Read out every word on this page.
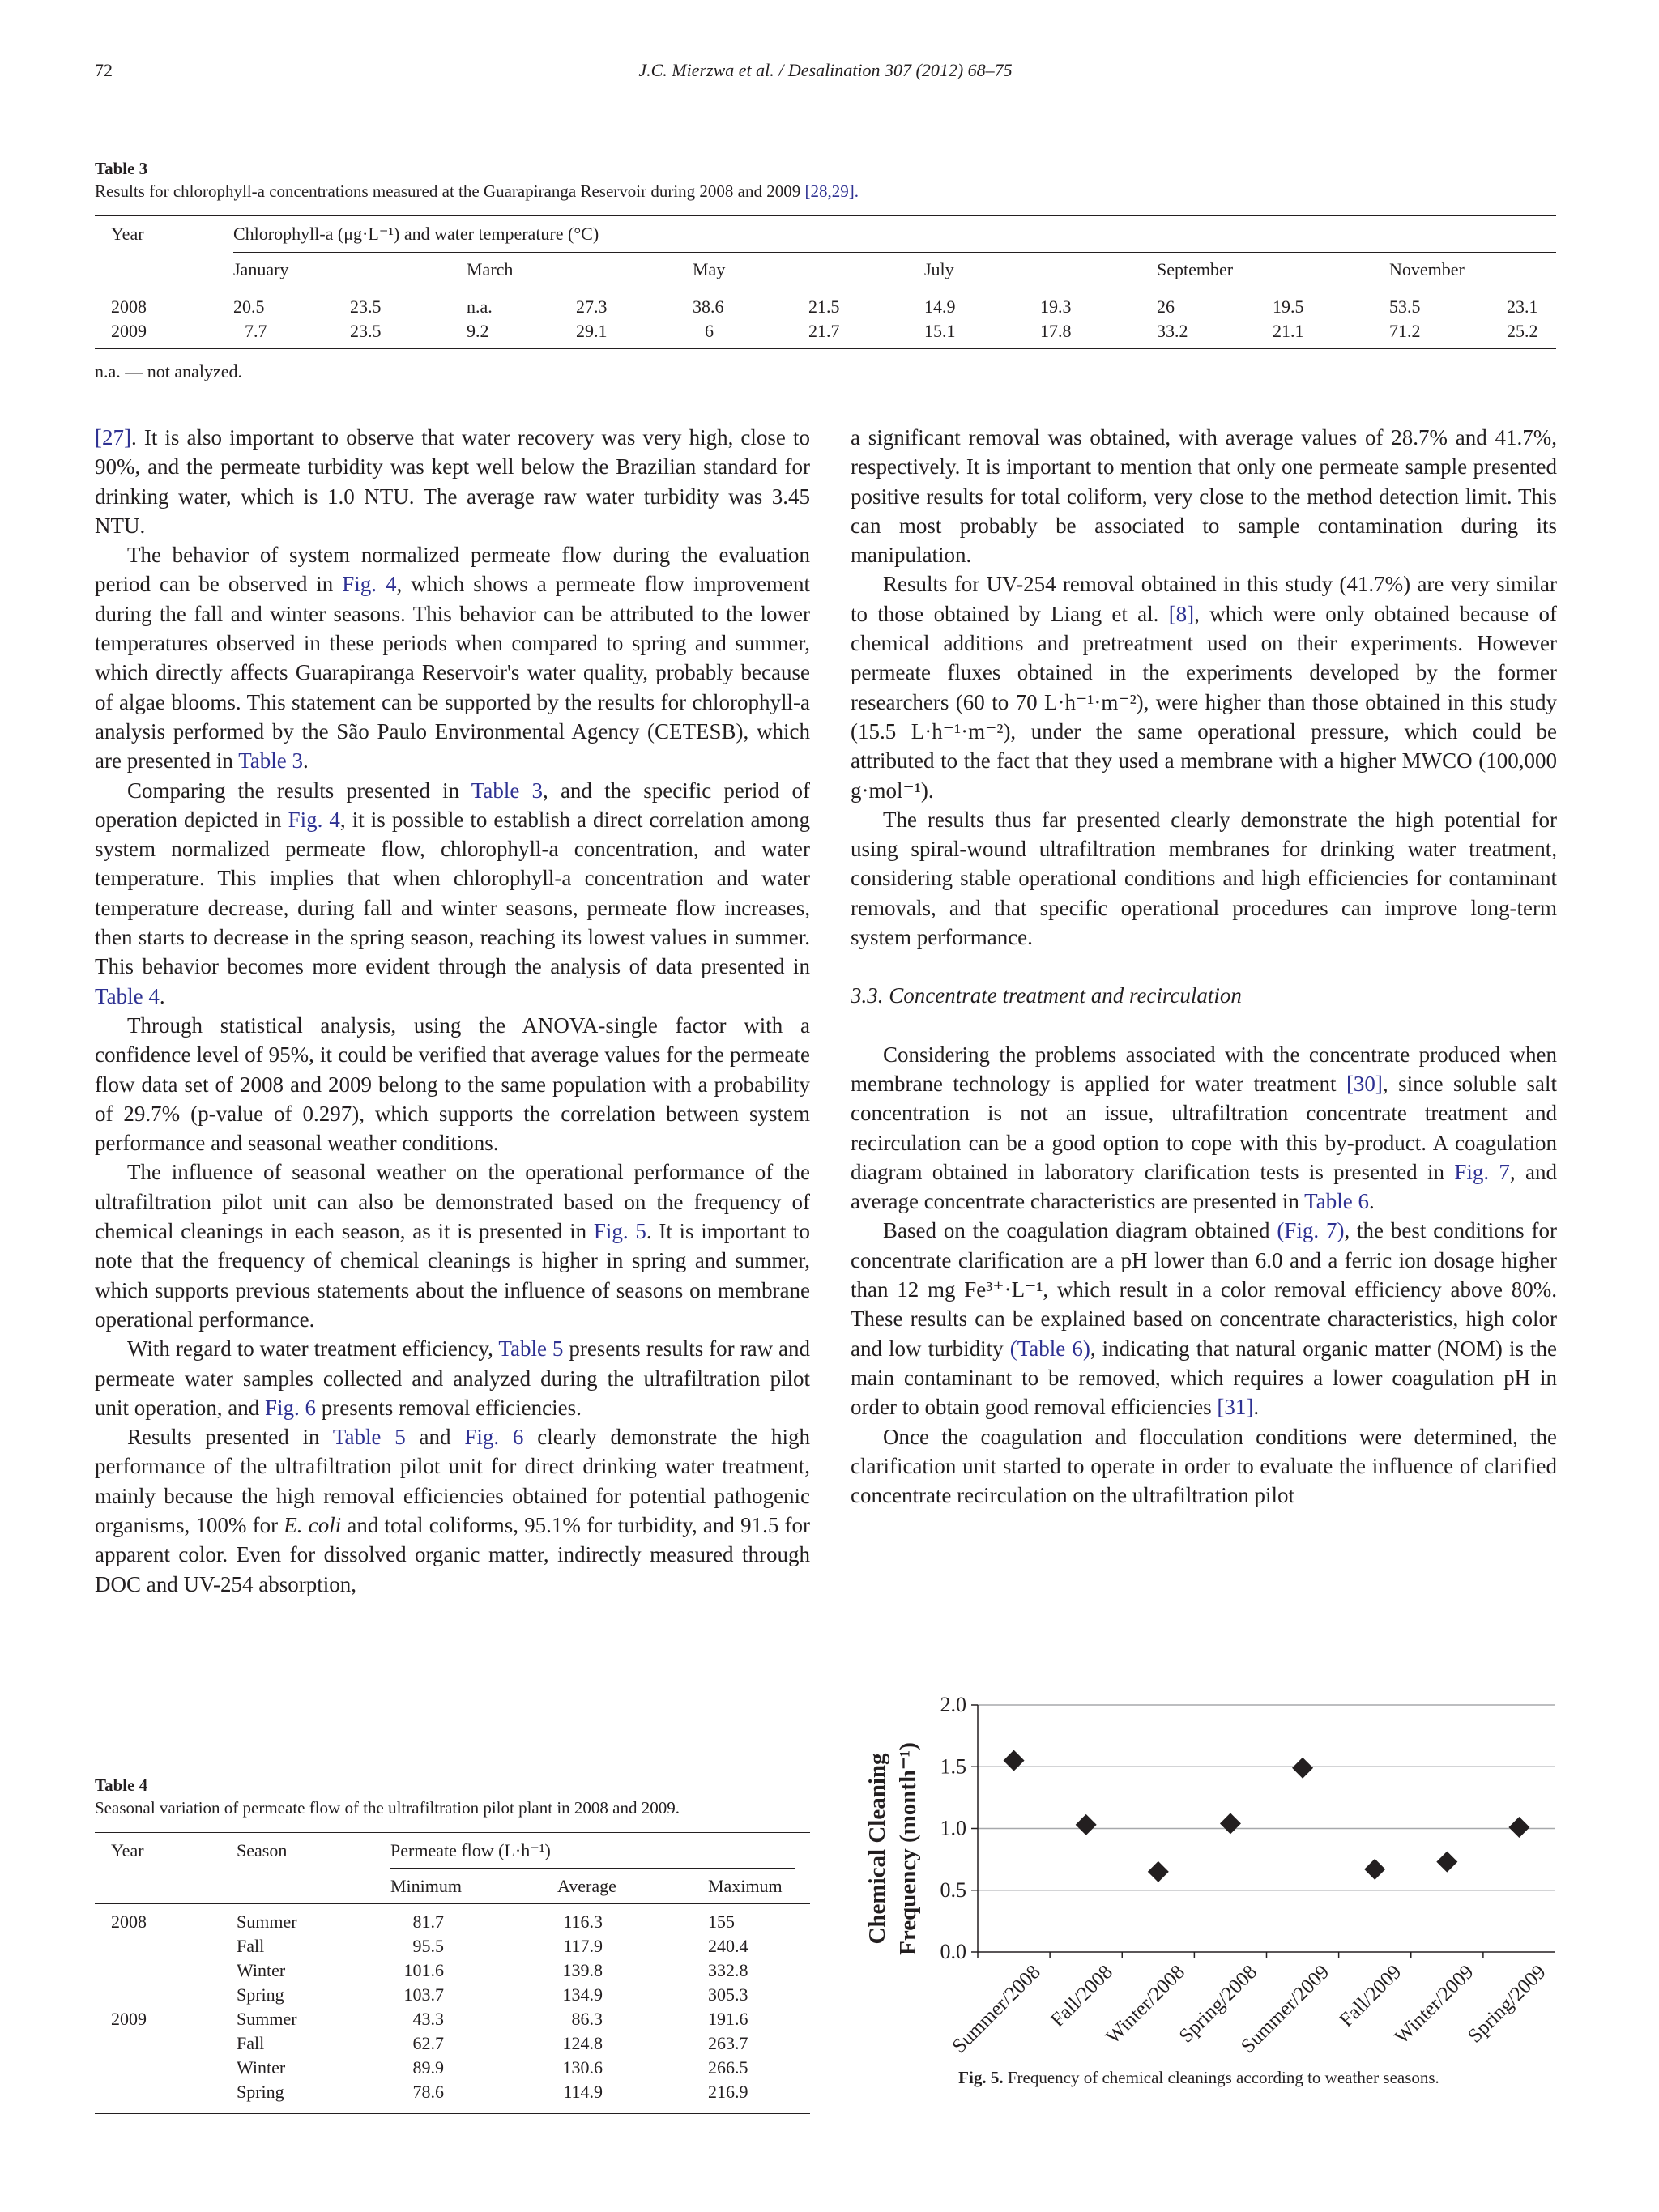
72	J.C. Mierzwa et al. / Desalination 307 (2012) 68–75
Table 3
Results for chlorophyll-a concentrations measured at the Guarapiranga Reservoir during 2008 and 2009 [28,29].
Year	Chlorophyll-a (μg·L⁻¹) and water temperature (°C)
January	March	May	July	September	November
2008	20.5	23.5	n.a.	27.3	38.6	21.5	14.9	19.3	26	19.5	53.5	23.1
2009	7.7	23.5	9.2	29.1	6	21.7	15.1	17.8	33.2	21.1	71.2	25.2
n.a. — not analyzed.

[27]. It is also important to observe that water recovery was very high, close to 90%, and the permeate turbidity was kept well below the Brazilian standard for drinking water, which is 1.0 NTU. The average raw water turbidity was 3.45 NTU.

The behavior of system normalized permeate flow during the evaluation period can be observed in Fig. 4, which shows a permeate flow improvement during the fall and winter seasons. This behavior can be attributed to the lower temperatures observed in these periods when compared to spring and summer, which directly affects Guarapiranga Reservoir's water quality, probably because of algae blooms. This statement can be supported by the results for chlorophyll-a analysis performed by the São Paulo Environmental Agency (CETESB), which are presented in Table 3.

Comparing the results presented in Table 3, and the specific period of operation depicted in Fig. 4, it is possible to establish a direct correlation among system normalized permeate flow, chlorophyll-a concentration, and water temperature. This implies that when chlorophyll-a concentration and water temperature decrease, during fall and winter seasons, permeate flow increases, then starts to decrease in the spring season, reaching its lowest values in summer. This behavior becomes more evident through the analysis of data presented in Table 4.

Through statistical analysis, using the ANOVA-single factor with a confidence level of 95%, it could be verified that average values for the permeate flow data set of 2008 and 2009 belong to the same population with a probability of 29.7% (p-value of 0.297), which supports the correlation between system performance and seasonal weather conditions.

The influence of seasonal weather on the operational performance of the ultrafiltration pilot unit can also be demonstrated based on the frequency of chemical cleanings in each season, as it is presented in Fig. 5. It is important to note that the frequency of chemical cleanings is higher in spring and summer, which supports previous statements about the influence of seasons on membrane operational performance.

With regard to water treatment efficiency, Table 5 presents results for raw and permeate water samples collected and analyzed during the ultrafiltration pilot unit operation, and Fig. 6 presents removal efficiencies.

Results presented in Table 5 and Fig. 6 clearly demonstrate the high performance of the ultrafiltration pilot unit for direct drinking water treatment, mainly because the high removal efficiencies obtained for potential pathogenic organisms, 100% for E. coli and total coliforms, 95.1% for turbidity, and 91.5 for apparent color. Even for dissolved organic matter, indirectly measured through DOC and UV-254 absorption,

a significant removal was obtained, with average values of 28.7% and 41.7%, respectively. It is important to mention that only one permeate sample presented positive results for total coliform, very close to the method detection limit. This can most probably be associated to sample contamination during its manipulation.

Results for UV-254 removal obtained in this study (41.7%) are very similar to those obtained by Liang et al. [8], which were only obtained because of chemical additions and pretreatment used on their experiments. However permeate fluxes obtained in the experiments developed by the former researchers (60 to 70 L·h⁻¹·m⁻²), were higher than those obtained in this study (15.5 L·h⁻¹·m⁻²), under the same operational pressure, which could be attributed to the fact that they used a membrane with a higher MWCO (100,000 g·mol⁻¹).

The results thus far presented clearly demonstrate the high potential for using spiral-wound ultrafiltration membranes for drinking water treatment, considering stable operational conditions and high efficiencies for contaminant removals, and that specific operational procedures can improve long-term system performance.

3.3. Concentrate treatment and recirculation

Considering the problems associated with the concentrate produced when membrane technology is applied for water treatment [30], since soluble salt concentration is not an issue, ultrafiltration concentrate treatment and recirculation can be a good option to cope with this by-product. A coagulation diagram obtained in laboratory clarification tests is presented in Fig. 7, and average concentrate characteristics are presented in Table 6.

Based on the coagulation diagram obtained (Fig. 7), the best conditions for concentrate clarification are a pH lower than 6.0 and a ferric ion dosage higher than 12 mg Fe³⁺·L⁻¹, which result in a color removal efficiency above 80%. These results can be explained based on concentrate characteristics, high color and low turbidity (Table 6), indicating that natural organic matter (NOM) is the main contaminant to be removed, which requires a lower coagulation pH in order to obtain good removal efficiencies [31].

Once the coagulation and flocculation conditions were determined, the clarification unit started to operate in order to evaluate the influence of clarified concentrate recirculation on the ultrafiltration pilot

Table 4
Seasonal variation of permeate flow of the ultrafiltration pilot plant in 2008 and 2009.
Year	Season	Permeate flow (L·h⁻¹)
Minimum	Average	Maximum
2008	Summer	81.7	116.3	155
Fall	95.5	117.9	240.4
Winter	101.6	139.8	332.8
Spring	103.7	134.9	305.3
2009	Summer	43.3	86.3	191.6
Fall	62.7	124.8	263.7
Winter	89.9	130.6	266.5
Spring	78.6	114.9	216.9
0.0
0.5
1.0
1.5
2.0
Summer/2008 Fall/2008
Winter/2008
Spring/2008
Summer/2009 Fall/2009
Winter/2009
Spring/2009
Chemical Cleaning Frequency (month⁻¹)
Fig. 5. Frequency of chemical cleanings according to weather seasons.
